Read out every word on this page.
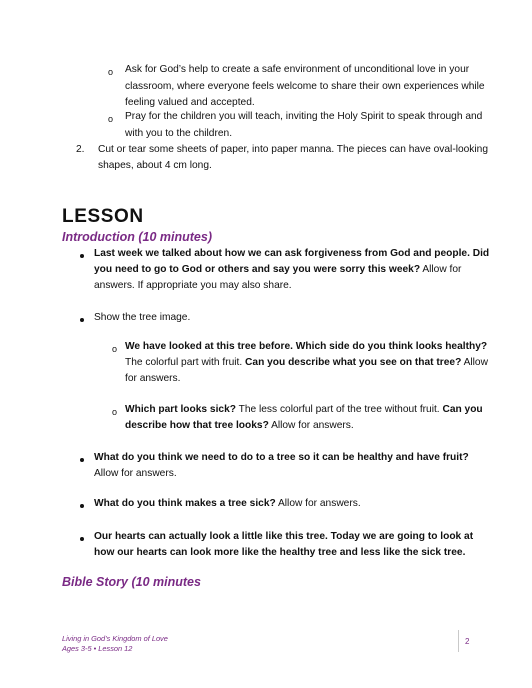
o Ask for God’s help to create a safe environment of unconditional love in your
classroom, where everyone feels welcome to share their own experiences while
feeling valued and accepted.
o Pray for the children you will teach, inviting the Holy Spirit to speak through and
with you to the children.
2. Cut or tear some sheets of paper, into paper manna. The pieces can have oval-looking
shapes, about 4 cm long.
LESSON
Introduction (10 minutes)
Last week we talked about how we can ask forgiveness from God and people. Did
you need to go to God or others and say you were sorry this week? Allow for
answers. If appropriate you may also share.
Show the tree image.
o We have looked at this tree before. Which side do you think looks healthy?
The colorful part with fruit. Can you describe what you see on that tree? Allow
for answers.
o Which part looks sick? The less colorful part of the tree without fruit. Can you
describe how that tree looks? Allow for answers.
What do you think we need to do to a tree so it can be healthy and have fruit?
Allow for answers.
What do you think makes a tree sick? Allow for answers.
Our hearts can actually look a little like this tree. Today we are going to look at
how our hearts can look more like the healthy tree and less like the sick tree.
Bible Story (10 minutes
Living in God’s Kingdom of Love
Ages 3-5 • Lesson 12
2
